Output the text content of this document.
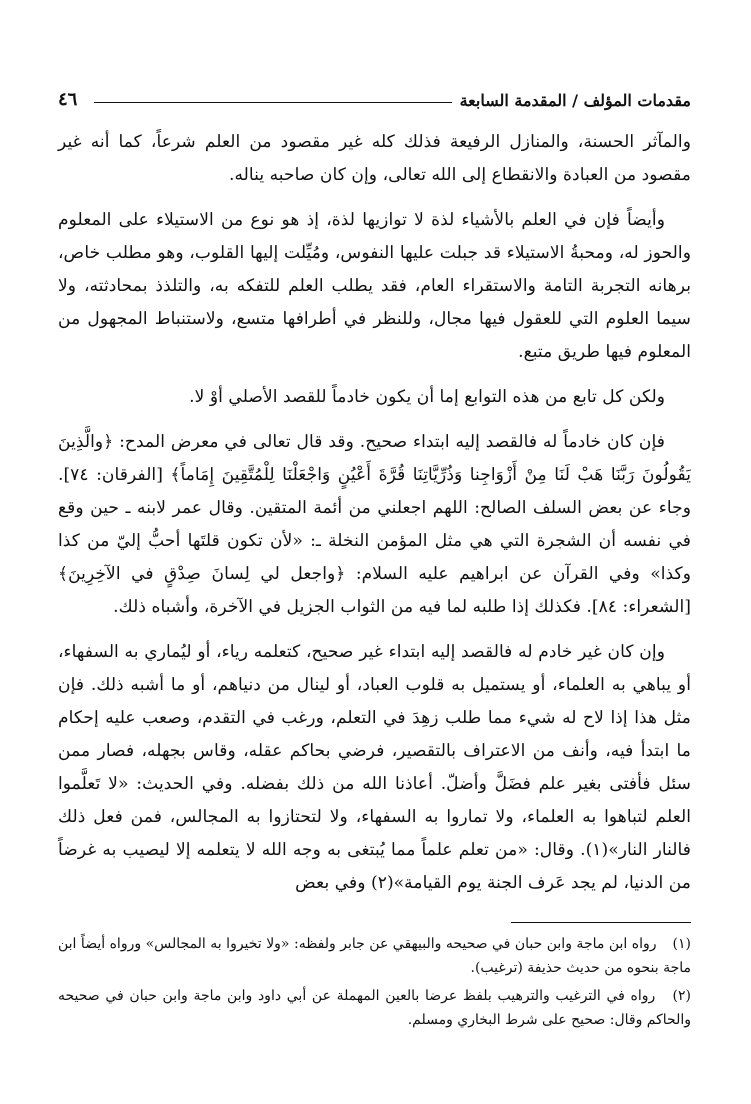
٤٦	مقدمات المؤلف / المقدمة السابعة

والمآثر الحسنة، والمنازل الرفيعة فذلك كله غير مقصود من العلم شرعاً، كما أنه غير مقصود من العبادة والانقطاع إلى الله تعالى، وإن كان صاحبه يناله.

وأيضاً فإن في العلم بالأشياء لذة لا توازيها لذة، إذ هو نوع من الاستيلاء على المعلوم والحوز له، ومحبةُ الاستيلاء قد جبلت عليها النفوس، ومُيِّلت إليها القلوب، وهو مطلب خاص، برهانه التجربة التامة والاستقراء العام، فقد يطلب العلم للتفكه به، والتلذذ بمحادثته، ولا سيما العلوم التي للعقول فيها مجال، وللنظر في أطرافها متسع، ولاستنباط المجهول من المعلوم فيها طريق متبع.

ولكن كل تابع من هذه التوابع إما أن يكون خادماً للقصد الأصلي أوْ لا.

فإن كان خادماً له فالقصد إليه ابتداء صحيح. وقد قال تعالى في معرض المدح: ﴿والَّذِينَ يَقُولُونَ رَبَّنَا هَبْ لَنَا مِنْ أَزْوَاجِنا وَذُرِّيَّاتِنَا قُرَّةَ أَعْيُنٍ وَاجْعَلْنَا لِلْمُتَّقِينَ إِمَاماً﴾ [الفرقان: ٧٤]. وجاء عن بعض السلف الصالح: اللهم اجعلني من أئمة المتقين. وقال عمر لابنه ـ حين وقع في نفسه أن الشجرة التي هي مثل المؤمن النخلة ـ: «لأن تكون قلتَها أحبُّ إليّ من كذا وكذا» وفي القرآن عن ابراهيم عليه السلام: ﴿واجعل لي لِسانَ صِدْقٍ في الآخِرِينَ﴾ [الشعراء: ٨٤]. فكذلك إذا طلبه لما فيه من الثواب الجزيل في الآخرة، وأشباه ذلك.

وإن كان غير خادم له فالقصد إليه ابتداء غير صحيح، كتعلمه رياء، أو ليُماري به السفهاء، أو يباهي به العلماء، أو يستميل به قلوب العباد، أو لينال من دنياهم، أو ما أشبه ذلك. فإن مثل هذا إذا لاح له شيء مما طلب زهِدَ في التعلم، ورغب في التقدم، وصعب عليه إحكام ما ابتدأ فيه، وأنف من الاعتراف بالتقصير، فرضي بحاكم عقله، وقاس بجهله، فصار ممن سئل فأفتى بغير علم فضَلَّ وأضلّ. أعاذنا الله من ذلك بفضله. وفي الحديث: «لا تَعلَّموا العلم لتباهوا به العلماء، ولا تماروا به السفهاء، ولا لتحتازوا به المجالس، فمن فعل ذلك فالنار النار»(١). وقال: «من تعلم علماً مما يُبتغى به وجه الله لا يتعلمه إلا ليصيب به غرضاً من الدنيا، لم يجد عَرف الجنة يوم القيامة»(٢) وفي بعض

(١) رواه ابن ماجة وابن حبان في صحيحه والبيهقي عن جابر ولفظه: «ولا تخيروا به المجالس» ورواه أيضاً ابن ماجة بنحوه من حديث حذيفة (ترغيب).
(٢) رواه في الترغيب والترهيب بلفظ عرضا بالعين المهملة عن أبي داود وابن ماجة وابن حبان في صحيحه والحاكم وقال: صحيح على شرط البخاري ومسلم.
